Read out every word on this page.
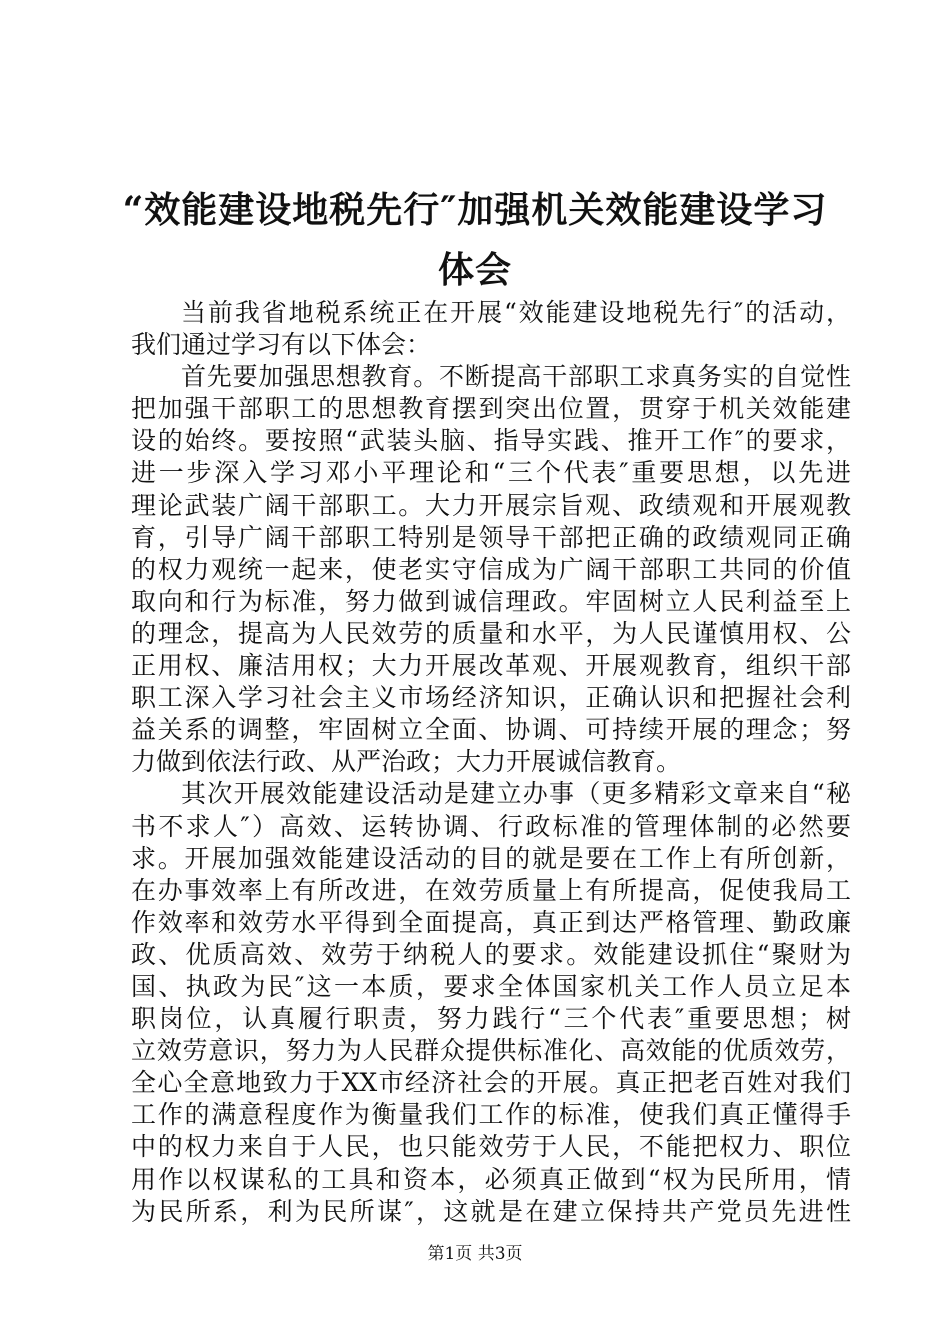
“效能建设地税先行″加强机关效能建设学习
体会
当前我省地税系统正在开展“效能建设地税先行″的活动，
我们通过学习有以下体会：
首先要加强思想教育。不断提高干部职工求真务实的自觉性
把加强干部职工的思想教育摆到突出位置，贯穿于机关效能建
设的始终。要按照“武装头脑、指导实践、推开工作″的要求，
进一步深入学习邓小平理论和“三个代表″重要思想，以先进
理论武装广阔干部职工。大力开展宗旨观、政绩观和开展观教
育，引导广阔干部职工特别是领导干部把正确的政绩观同正确
的权力观统一起来，使老实守信成为广阔干部职工共同的价值
取向和行为标准，努力做到诚信理政。牢固树立人民利益至上
的理念，提高为人民效劳的质量和水平，为人民谨慎用权、公
正用权、廉洁用权；大力开展改革观、开展观教育，组织干部
职工深入学习社会主义市场经济知识，正确认识和把握社会利
益关系的调整，牢固树立全面、协调、可持续开展的理念；努
力做到依法行政、从严治政；大力开展诚信教育。
其次开展效能建设活动是建立办事（更多精彩文章来自“秘
书不求人″）高效、运转协调、行政标准的管理体制的必然要
求。开展加强效能建设活动的目的就是要在工作上有所创新，
在办事效率上有所改进，在效劳质量上有所提高，促使我局工
作效率和效劳水平得到全面提高，真正到达严格管理、勤政廉
政、优质高效、效劳于纳税人的要求。效能建设抓住“聚财为
国、执政为民″这一本质，要求全体国家机关工作人员立足本
职岗位，认真履行职责，努力践行“三个代表″重要思想；树
立效劳意识，努力为人民群众提供标准化、高效能的优质效劳，
全心全意地致力于XX市经济社会的开展。真正把老百姓对我们
工作的满意程度作为衡量我们工作的标准，使我们真正懂得手
中的权力来自于人民，也只能效劳于人民，不能把权力、职位
用作以权谋私的工具和资本，必须真正做到“权为民所用，情
为民所系，利为民所谋″，这就是在建立保持共产党员先进性
第1页 共3页
